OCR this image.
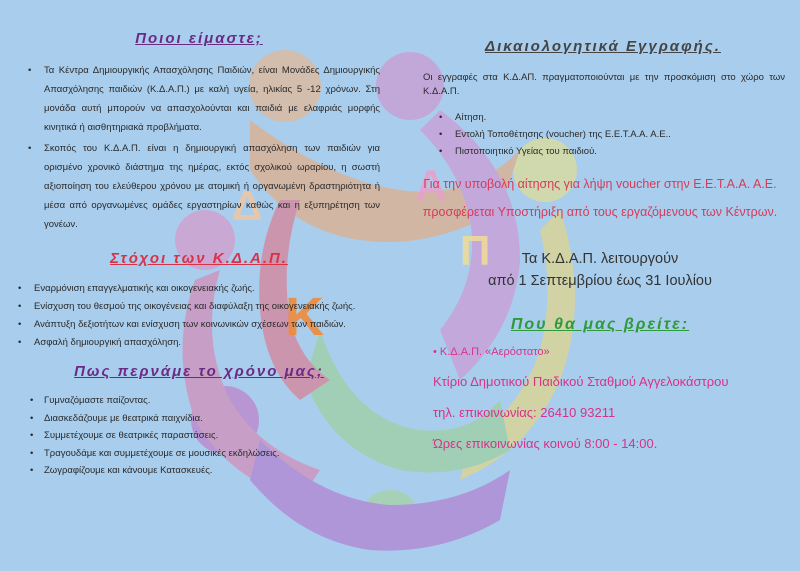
Δ	Α
Π
Κ
Ποιοι είμαστε;
• Τα Κέντρα Δημιουργικής Απασχόλησης Παιδιών, είναι Μονάδες Δημιουργικής Απασχόλησης παιδιών (Κ.Δ.Α.Π.) με καλή υγεία, ηλικίας 5 -12 χρόνων. Στη μονάδα αυτή μπορούν να απασχολούνται και παιδιά με ελαφριάς μορφής κινητικά ή αισθητηριακά προβλήματα.
• Σκοπός του Κ.Δ.Α.Π. είναι η δημιουργική απασχόληση των παιδιών για ορισμένο χρονικό διάστημα της ημέρας, εκτός σχολικού ωραρίου, η σωστή αξιοποίηση του ελεύθερου χρόνου με ατομική ή οργανωμένη δραστηριότητα ή μέσα από οργανωμένες ομάδες εργαστηρίων καθώς και η εξυπηρέτηση των γονέων.
Στόχοι των Κ.Δ.Α.Π.
• Εναρμόνιση επαγγελματικής και οικογενειακής ζωής.
• Ενίσχυση του θεσμού της οικογένειας και διαφύλαξη της οικογενειακής ζωής.
• Ανάπτυξη δεξιοτήτων και ενίσχυση των κοινωνικών σχέσεων των παιδιών.
• Ασφαλή δημιουργική απασχόληση.
Πως περνάμε το χρόνο μας;
• Γυμναζόμαστε παίζοντας.
• Διασκεδάζουμε με θεατρικά παιχνίδια.
• Συμμετέχουμε σε θεατρικές παραστάσεις.
• Τραγουδάμε και συμμετέχουμε σε μουσικές εκδηλώσεις.
• Ζωγραφίζουμε και κάνουμε Κατασκευές.
Δικαιολογητικά Εγγραφής.

Οι εγγραφές στα Κ.Δ.ΑΠ. πραγματοποιούνται με την προσκόμιση στο χώρο των Κ.Δ.Α.Π.

• Αίτηση.
• Εντολή Τοποθέτησης (voucher) της Ε.Ε.Τ.Α.Α. Α.Ε..
• Πιστοποιητικό Υγείας του παιδιού.
Για την υποβολή αίτησης για λήψη voucher στην Ε.Ε.Τ.Α.Α. Α.Ε. προσφέρεται Υποστήριξη από τους εργαζόμενους των Κέντρων.
Τα Κ.Δ.Α.Π. λειτουργούν
από 1 Σεπτεμβρίου έως 31 Ιουλίου
Που θα μας βρείτε:
• Κ.Δ.Α.Π. «Αερόστατο»
Κτίριο Δημοτικού Παιδικού Σταθμού Αγγελοκάστρου
τηλ. επικοινωνίας: 26410 93211
Ώρες επικοινωνίας κοινού 8:00 - 14:00.
